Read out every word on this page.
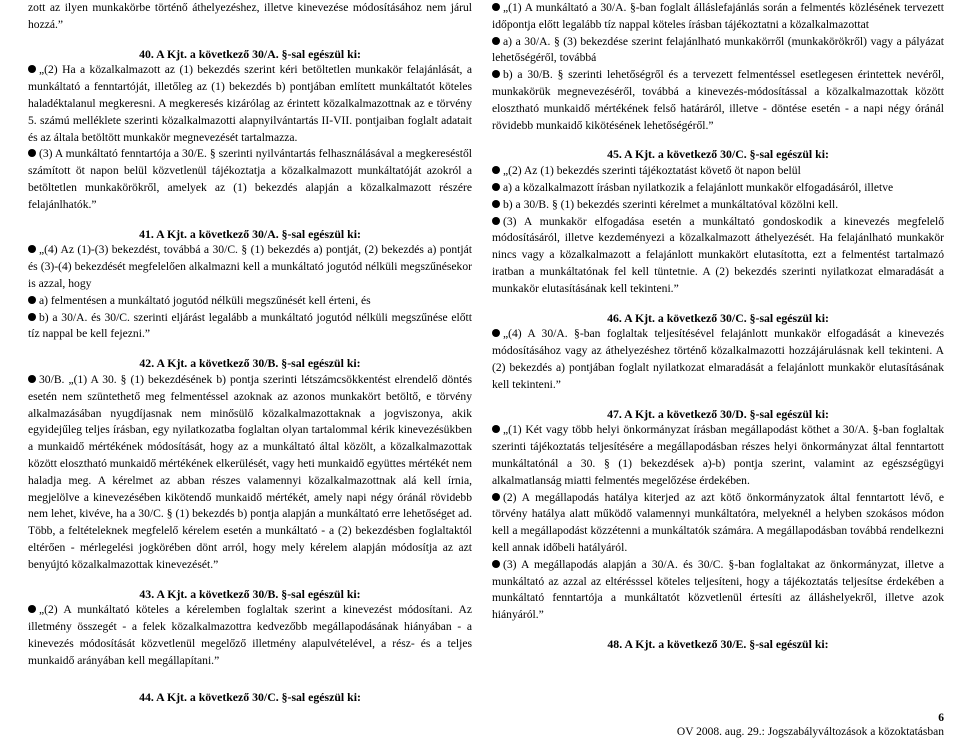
zott az ilyen munkakörbe történő áthelyezéshez, illetve kinevezése módosításához nem járul hozzá.”

40. A Kjt. a következő 30/A. §-sal egészül ki:

„(2) Ha a közalkalmazott az (1) bekezdés szerint kéri betöltetlen munkakör felajánlását, a munkáltató a fenntartóját, illetőleg az (1) bekezdés b) pontjában említett munkáltatót köteles haladéktalanul megkeresni. A megkeresés kizárólag az érintett közalkalmazottnak az e törvény 5. számú melléklete szerinti közalkalmazotti alapnyilvántartás II-VII. pontjaiban foglalt adatait és az általa betöltött munkakör megnevezését tartalmazza.

(3) A munkáltató fenntartója a 30/E. § szerinti nyilvántartás felhasználásával a megkereséstől számított öt napon belül közvetlenül tájékoztatja a közalkalmazott munkáltatóját azokról a betöltetlen munkakörökről, amelyek az (1) bekezdés alapján a közalkalmazott részére felajánlhatók.”

41. A Kjt. a következő 30/A. §-sal egészül ki:

„(4) Az (1)-(3) bekezdést, továbbá a 30/C. § (1) bekezdés a) pontját, (2) bekezdés a) pontját és (3)-(4) bekezdését megfelelően alkalmazni kell a munkáltató jogutód nélküli megszűnésekor is azzal, hogy

a) felmentésen a munkáltató jogutód nélküli megszűnését kell érteni, és

b) a 30/A. és 30/C. szerinti eljárást legalább a munkáltató jogutód nélküli megszűnése előtt tíz nappal be kell fejezni.”

42. A Kjt. a következő 30/B. §-sal egészül ki:

30/B. „(1) A 30. § (1) bekezdésének b) pontja szerinti létszámcsökkentést elrendelő döntés esetén nem szüntethető meg felmentéssel azoknak az azonos munkakört betöltő, e törvény alkalmazásában nyugdíjasnak nem minősülő közalkalmazottaknak a jogviszonya, akik egyidejűleg teljes írásban, egy nyilatkozatba foglaltan olyan tartalommal kérik kinevezésükben a munkaidő mértékének módosítását, hogy az a munkáltató által közölt, a közalkalmazottak között elosztható munkaidő mértékének elkerülését, vagy heti munkaidő együttes mértékét nem haladja meg. A kérelmet az abban részes valamennyi közalkalmazottnak alá kell írnia, megjelölve a kinevezésében kikötendő munkaidő mértékét, amely napi négy óránál rövidebb nem lehet, kivéve, ha a 30/C. § (1) bekezdés b) pontja alapján a munkáltató erre lehetőséget ad. Több, a feltételeknek megfelelő kérelem esetén a munkáltató - a (2) bekezdésben foglaltaktól eltérően - mérlegelési jogkörében dönt arról, hogy mely kérelem alapján módosítja az azt benyújtó közalkalmazottak kinevezését.”

43. A Kjt. a következő 30/B. §-sal egészül ki:

„(2) A munkáltató köteles a kérelemben foglaltak szerint a kinevezést módosítani. Az illetmény összegét - a felek közalkalmazottra kedvezőbb megállapodásának hiányában - a kinevezés módosítását közvetlenül megelőző illetmény alapulvételével, a rész- és a teljes munkaidő arányában kell megállapítani.”

44. A Kjt. a következő 30/C. §-sal egészül ki:

„(1) A munkáltató a 30/A. §-ban foglalt álláslefajánlás során a felmentés közlésének tervezett időpontja előtt legalább tíz nappal köteles írásban tájékoztatni a közalkalmazottat

a) a 30/A. § (3) bekezdése szerint felajánlható munkakörről (munkakörökről) vagy a pályázat lehetőségéről, továbbá

b) a 30/B. § szerinti lehetőségről és a tervezett felmentéssel esetlegesen érintettek nevéről, munkakörük megnevezéséről, továbbá a kinevezés-módosítással a közalkalmazottak között elosztható munkaidő mértékének felső határáról, illetve - döntése esetén - a napi négy óránál rövidebb munkaidő kikötésének lehetőségéről.”

45. A Kjt. a következő 30/C. §-sal egészül ki:

„(2) Az (1) bekezdés szerinti tájékoztatást követő öt napon belül

a) a közalkalmazott írásban nyilatkozik a felajánlott munkakör elfogadásáról, illetve

b) a 30/B. § (1) bekezdés szerinti kérelmet a munkáltatóval közölni kell.

(3) A munkakör elfogadása esetén a munkáltató gondoskodik a kinevezés megfelelő módosításáról, illetve kezdeményezi a közalkalmazott áthelyezését. Ha felajánlható munkakör nincs vagy a közalkalmazott a felajánlott munkakört elutasította, ezt a felmentést tartalmazó iratban a munkáltatónak fel kell tüntetnie. A (2) bekezdés szerinti nyilatkozat elmaradását a munkakör elutasításának kell tekinteni.”

46. A Kjt. a következő 30/C. §-sal egészül ki:

„(4) A 30/A. §-ban foglaltak teljesítésével felajánlott munkakör elfogadását a kinevezés módosításához vagy az áthelyezéshez történő közalkalmazotti hozzájárulásnak kell tekinteni. A (2) bekezdés a) pontjában foglalt nyilatkozat elmaradását a felajánlott munkakör elutasításának kell tekinteni.”

47. A Kjt. a következő 30/D. §-sal egészül ki:

„(1) Két vagy több helyi önkormányzat írásban megállapodást köthet a 30/A. §-ban foglaltak szerinti tájékoztatás teljesítésére a megállapodásban részes helyi önkormányzat által fenntartott munkáltatónál a 30. § (1) bekezdések a)-b) pontja szerint, valamint az egészségügyi alkalmatlanság miatti felmentés megelőzése érdekében.

(2) A megállapodás hatálya kiterjed az azt kötő önkormányzatok által fenntartott lévő, e törvény hatálya alatt működő valamennyi munkáltatóra, melyeknél a helyben szokásos módon kell a megállapodást közzétenni a munkáltatók számára. A megállapodásban továbbá rendelkezni kell annak időbeli hatályáról.

(3) A megállapodás alapján a 30/A. és 30/C. §-ban foglaltakat az önkormányzat, illetve a munkáltató az azzal az eltérésssel köteles teljesíteni, hogy a tájékoztatás teljesítse érdekében a munkáltató fenntartója a munkáltatót közvetlenül értesíti az álláshelyekről, illetve azok hiányáról.”

48. A Kjt. a következő 30/E. §-sal egészül ki:

6
OV 2008. aug. 29.: Jogszabályváltozások a közoktatásban
